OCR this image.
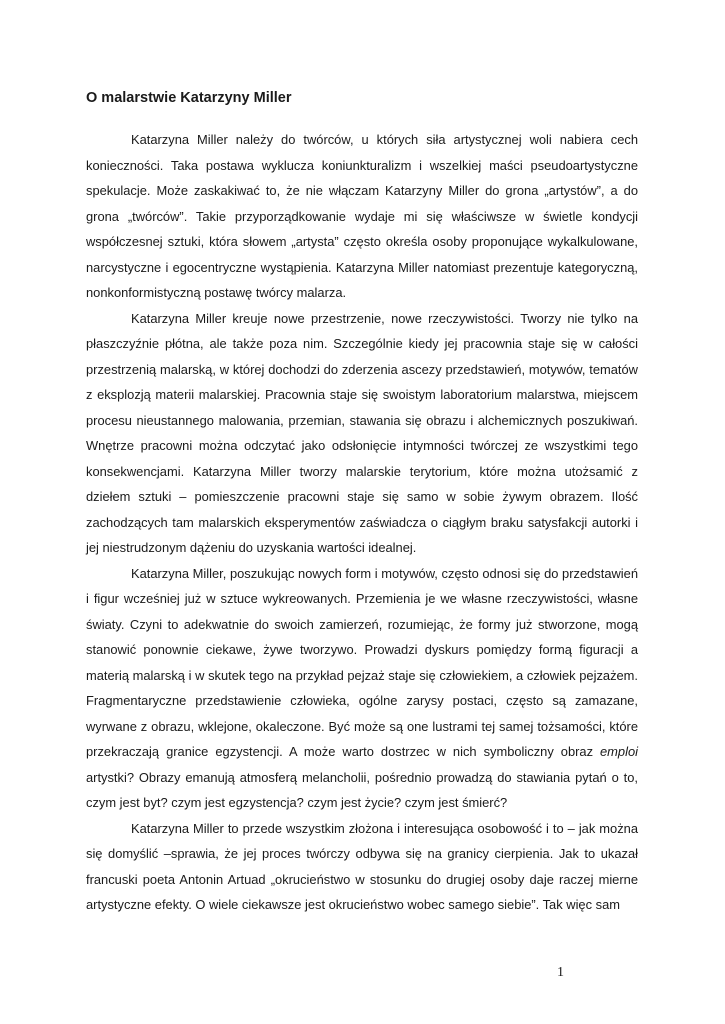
O malarstwie Katarzyny Miller

Katarzyna Miller należy do twórców, u których siła artystycznej woli nabiera cech konieczności. Taka postawa wyklucza koniunkturalizm i wszelkiej maści pseudoartystyczne spekulacje. Może zaskakiwać to, że nie włączam Katarzyny Miller do grona „artystów”, a do grona „twórców”. Takie przyporządkowanie wydaje mi się właściwsze w świetle kondycji współczesnej sztuki, która słowem „artysta” często określa osoby proponujące wykalkulowane, narcystyczne i egocentryczne wystąpienia. Katarzyna Miller natomiast prezentuje kategoryczną, nonkonformistyczną postawę twórcy malarza.

Katarzyna Miller kreuje nowe przestrzenie, nowe rzeczywistości. Tworzy nie tylko na płaszczyźnie płótna, ale także poza nim. Szczególnie kiedy jej pracownia staje się w całości przestrzenią malarską, w której dochodzi do zderzenia ascezy przedstawień, motywów, tematów z eksplozją materii malarskiej. Pracownia staje się swoistym laboratorium malarstwa, miejscem procesu nieustannego malowania, przemian, stawania się obrazu i alchemicznych poszukiwań. Wnętrze pracowni można odczytać jako odsłonięcie intymności twórczej ze wszystkimi tego konsekwencjami. Katarzyna Miller tworzy malarskie terytorium, które można utożsamić z dziełem sztuki – pomieszczenie pracowni staje się samo w sobie żywym obrazem. Ilość zachodzących tam malarskich eksperymentów zaświadcza o ciągłym braku satysfakcji autorki i jej niestrudzonym dążeniu do uzyskania wartości idealnej.

Katarzyna Miller, poszukując nowych form i motywów, często odnosi się do przedstawień i figur wcześniej już w sztuce wykreowanych. Przemienia je we własne rzeczywistości, własne światy. Czyni to adekwatnie do swoich zamierzeń, rozumiejąc, że formy już stworzone, mogą stanowić ponownie ciekawe, żywe tworzywo. Prowadzi dyskurs pomiędzy formą figuracji a materią malarską i w skutek tego na przykład pejzaż staje się człowiekiem, a człowiek pejzażem. Fragmentaryczne przedstawienie człowieka, ogólne zarysy postaci, często są zamazane, wyrwane z obrazu, wklejone, okaleczone. Być może są one lustrami tej samej tożsamości, które przekraczają granice egzystencji. A może warto dostrzec w nich symboliczny obraz emploi artystki? Obrazy emanują atmosferą melancholii, pośrednio prowadzą do stawiania pytań o to, czym jest byt? czym jest egzystencja? czym jest życie? czym jest śmierć?

Katarzyna Miller to przede wszystkim złożona i interesująca osobowość i to – jak można się domyślić –sprawia, że jej proces twórczy odbywa się na granicy cierpienia. Jak to ukazał francuski poeta Antonin Artuad „okrucieństwo w stosunku do drugiej osoby daje raczej mierne artystyczne efekty. O wiele ciekawsze jest okrucieństwo wobec samego siebie”. Tak więc sam

1
